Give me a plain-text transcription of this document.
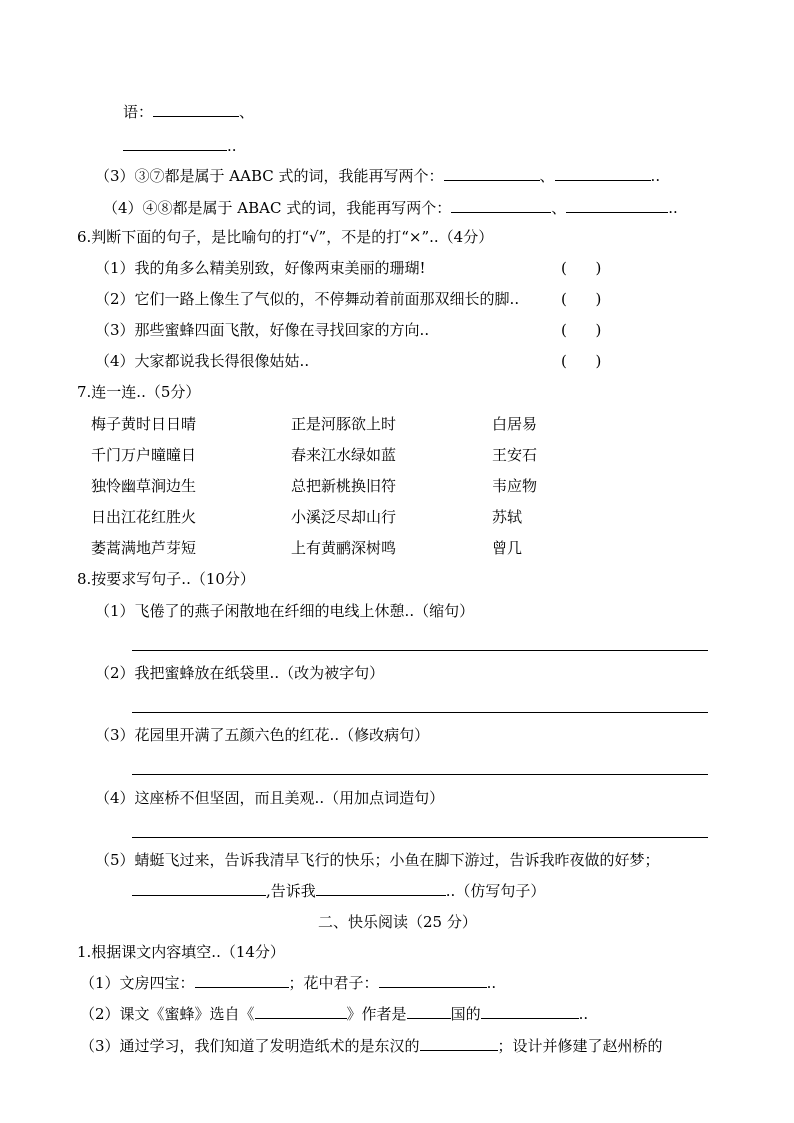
语：	、
..
（3）③⑦都是属于 AABC 式的词，我能再写两个：	、	..
（4）④⑧都是属于 ABAC 式的词，我能再写两个：	、	..
6.判断下面的句子，是比喻句的打“√”，不是的打“×”..（4分）
（1）我的角多么精美别致，好像两束美丽的珊瑚!	(      )
（2）它们一路上像生了气似的，不停舞动着前面那双细长的脚..	(      )
（3）那些蜜蜂四面飞散，好像在寻找回家的方向..	(      )
（4）大家都说我长得很像姑姑..	(      )
7.连一连..（5分）
梅子黄时日日晴	正是河豚欲上时	白居易
千门万户曈曈日	春来江水绿如蓝	王安石
独怜幽草涧边生	总把新桃换旧符	韦应物
日出江花红胜火	小溪泛尽却山行	苏轼
萎蒿满地芦芽短	上有黄鹂深树鸣	曾几
8.按要求写句子..（10分）
（1）飞倦了的燕子闲散地在纤细的电线上休憩..（缩句）
（2）我把蜜蜂放在纸袋里..（改为被字句）
（3）花园里开满了五颜六色的红花..（修改病句）
（4）这座桥不但坚固，而且美观..（用加点词造句）
（5）蜻蜓飞过来，告诉我清早飞行的快乐；小鱼在脚下游过，告诉我昨夜做的好梦；
,告诉我	..（仿写句子）
二、快乐阅读（25 分）
1.根据课文内容填空..（14分）
（1）文房四宝：	；花中君子：	..
（2）课文《蜜蜂》选自《	》作者是	国的	..
（3）通过学习，我们知道了发明造纸术的是东汉的	；设计并修建了赵州桥的
